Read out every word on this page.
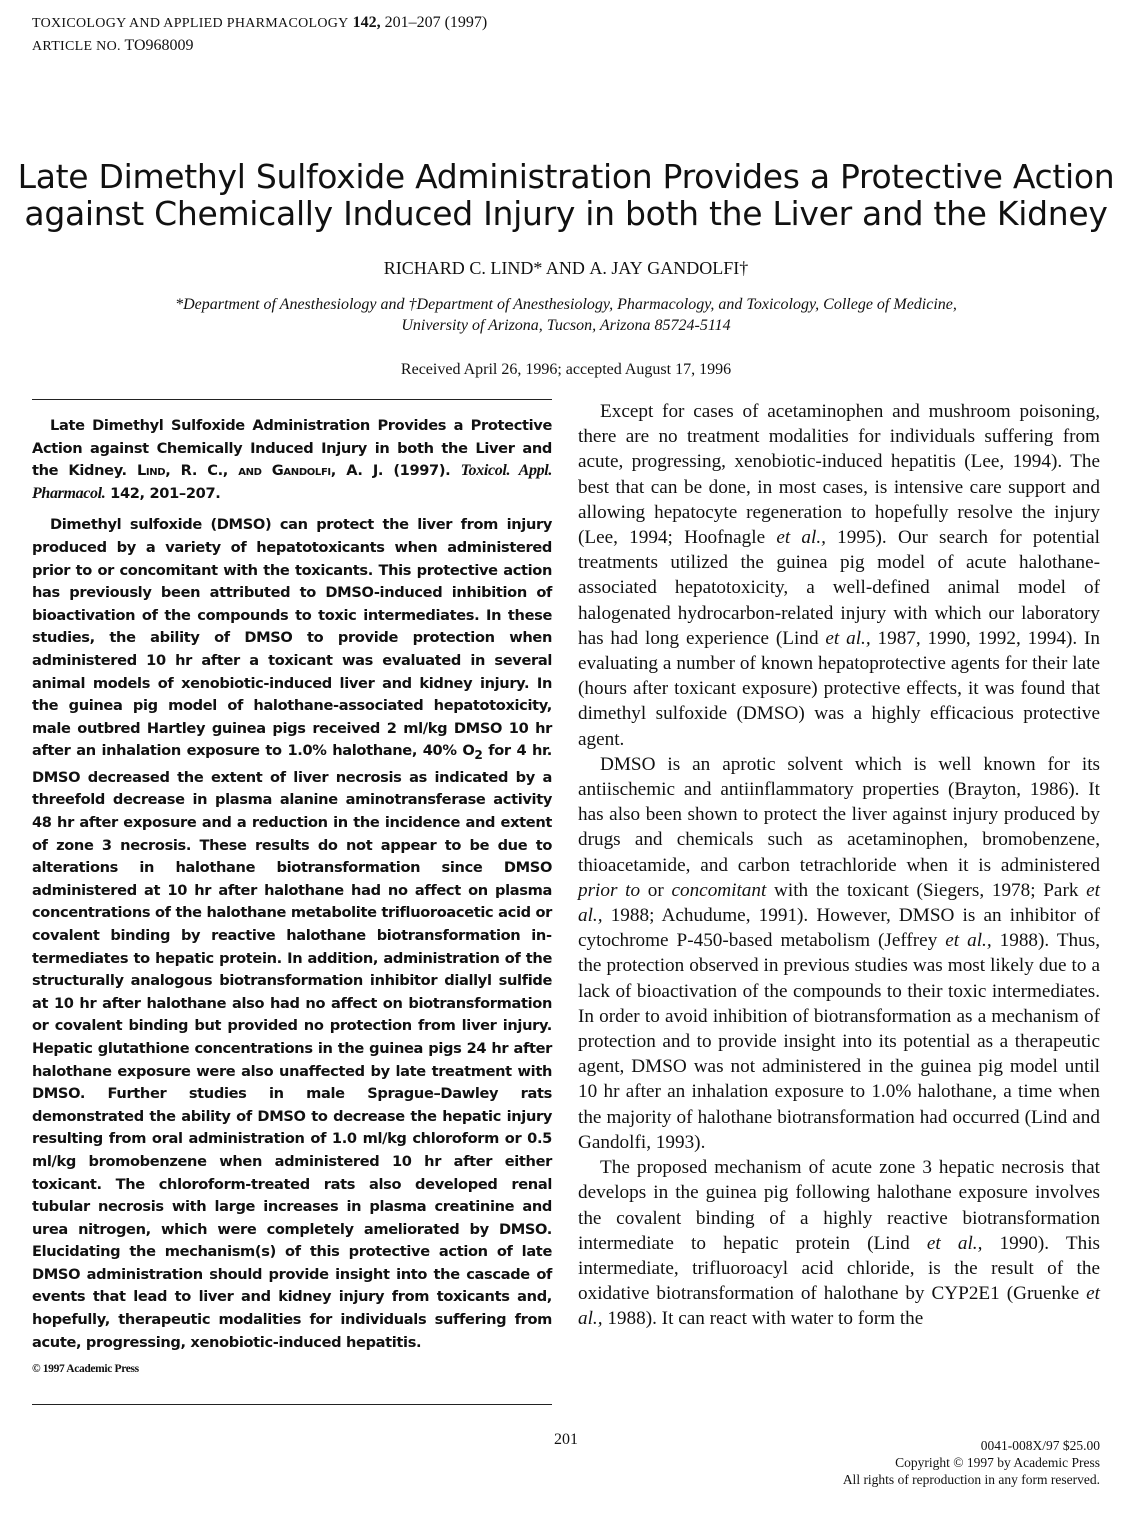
TOXICOLOGY AND APPLIED PHARMACOLOGY 142, 201–207 (1997)
ARTICLE NO. TO968009
Late Dimethyl Sulfoxide Administration Provides a Protective Action
against Chemically Induced Injury in both the Liver and the Kidney
RICHARD C. LIND* AND A. JAY GANDOLFI†
*Department of Anesthesiology and †Department of Anesthesiology, Pharmacology, and Toxicology, College of Medicine,
University of Arizona, Tucson, Arizona 85724-5114
Received April 26, 1996; accepted August 17, 1996

Late Dimethyl Sulfoxide Administration Provides a Protective Action against Chemically Induced Injury in both the Liver and the Kidney. Lind, R. C., and Gandolfi, A. J. (1997). Toxicol. Appl. Pharmacol. 142, 201–207.

Dimethyl sulfoxide (DMSO) can protect the liver from injury produced by a variety of hepatotoxicants when administered prior to or concomitant with the toxicants. This protective action has previously been attributed to DMSO-induced inhibition of bioactivation of the compounds to toxic intermediates. In these studies, the ability of DMSO to provide protection when administered 10 hr after a toxicant was evaluated in several animal models of xenobiotic-induced liver and kidney injury. In the guinea pig model of halothane-associated hepatotoxicity, male outbred Hartley guinea pigs received 2 ml/kg DMSO 10 hr after an inhalation exposure to 1.0% halothane, 40% $O_2$ for 4 hr. DMSO decreased the extent of liver necrosis as indicated by a threefold decrease in plasma alanine aminotransferase activity 48 hr after exposure and a reduction in the incidence and extent of zone 3 necrosis. These results do not appear to be due to alterations in halothane biotransformation since DMSO administered at 10 hr after halothane had no affect on plasma concentrations of the halothane metabolite trifluoroacetic acid or covalent binding by reactive halothane biotransformation intermediates to hepatic protein. In addition, administration of the structurally analogous biotransformation inhibitor diallyl sulfide at 10 hr after halothane also had no affect on biotransformation or covalent binding but provided no protection from liver injury. Hepatic glutathione concentrations in the guinea pigs 24 hr after halothane exposure were also unaffected by late treatment with DMSO. Further studies in male Sprague–Dawley rats demonstrated the ability of DMSO to decrease the hepatic injury resulting from oral administration of 1.0 ml/kg chloroform or 0.5 ml/kg bromobenzene when administered 10 hr after either toxicant. The chloroform-treated rats also developed renal tubular necrosis with large increases in plasma creatinine and urea nitrogen, which were completely ameliorated by DMSO. Elucidating the mechanism(s) of this protective action of late DMSO administration should provide insight into the cascade of events that lead to liver and kidney injury from toxicants and, hopefully, therapeutic modalities for individuals suffering from acute, progressing, xenobiotic-induced hepatitis.

© 1997 Academic Press

Except for cases of acetaminophen and mushroom poisoning, there are no treatment modalities for individuals suffering from acute, progressing, xenobiotic-induced hepatitis (Lee, 1994). The best that can be done, in most cases, is intensive care support and allowing hepatocyte regeneration to hopefully resolve the injury (Lee, 1994; Hoofnagle et al., 1995). Our search for potential treatments utilized the guinea pig model of acute halothane-associated hepatotoxicity, a well-defined animal model of halogenated hydrocarbon-related injury with which our laboratory has had long experience (Lind et al., 1987, 1990, 1992, 1994). In evaluating a number of known hepatoprotective agents for their late (hours after toxicant exposure) protective effects, it was found that dimethyl sulfoxide (DMSO) was a highly efficacious protective agent.

DMSO is an aprotic solvent which is well known for its antiischemic and antiinflammatory properties (Brayton, 1986). It has also been shown to protect the liver against injury produced by drugs and chemicals such as acetaminophen, bromobenzene, thioacetamide, and carbon tetrachloride when it is administered prior to or concomitant with the toxicant (Siegers, 1978; Park et al., 1988; Achudume, 1991). However, DMSO is an inhibitor of cytochrome P-450-based metabolism (Jeffrey et al., 1988). Thus, the protection observed in previous studies was most likely due to a lack of bioactivation of the compounds to their toxic intermediates. In order to avoid inhibition of biotransformation as a mechanism of protection and to provide insight into its potential as a therapeutic agent, DMSO was not administered in the guinea pig model until 10 hr after an inhalation exposure to 1.0% halothane, a time when the majority of halothane biotransformation had occurred (Lind and Gandolfi, 1993).

The proposed mechanism of acute zone 3 hepatic necrosis that develops in the guinea pig following halothane exposure involves the covalent binding of a highly reactive biotransformation intermediate to hepatic protein (Lind et al., 1990). This intermediate, trifluoroacyl acid chloride, is the result of the oxidative biotransformation of halothane by CYP2E1 (Gruenke et al., 1988). It can react with water to form the

201	0041-008X/97 $25.00
Copyright © 1997 by Academic Press
All rights of reproduction in any form reserved.
